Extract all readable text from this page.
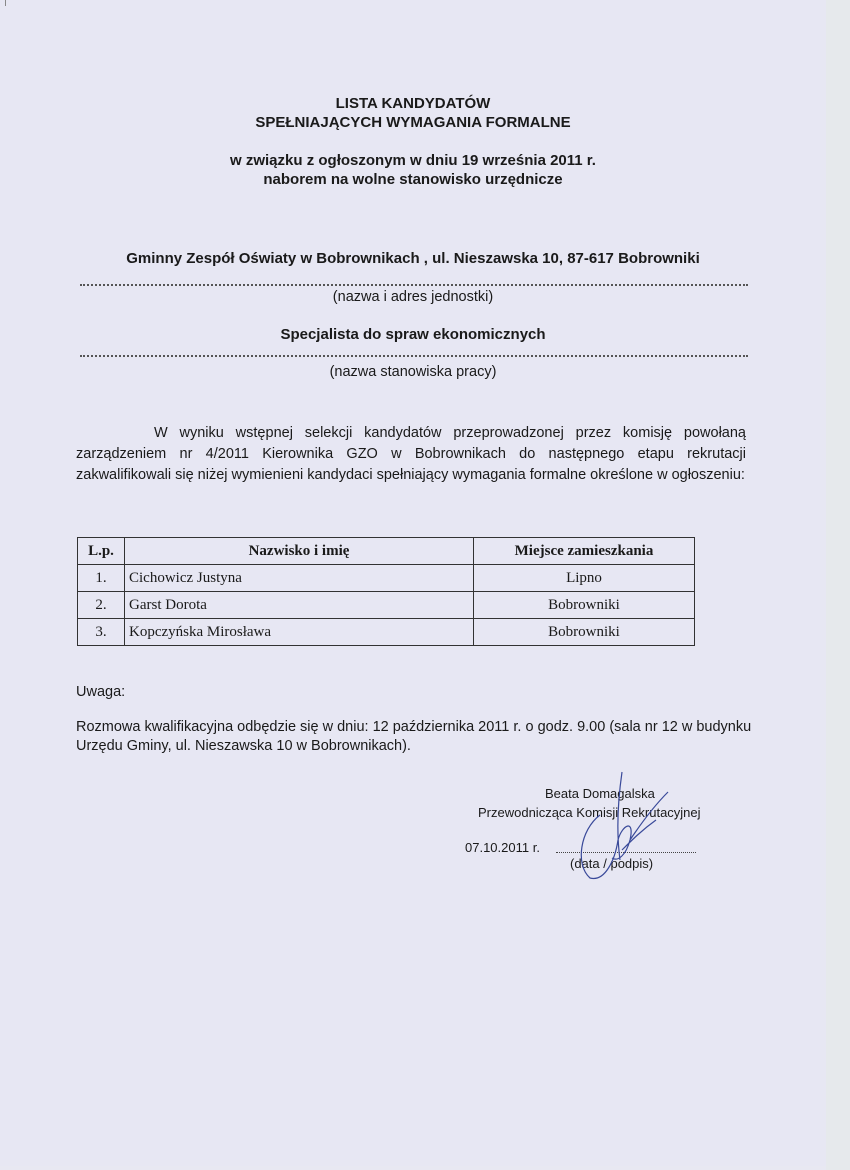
LISTA KANDYDATÓW
SPEŁNIAJĄCYCH WYMAGANIA FORMALNE
w związku z ogłoszonym w dniu 19 września 2011 r.
naborem na wolne stanowisko urzędnicze
Gminny Zespół Oświaty w Bobrownikach , ul. Nieszawska 10, 87-617 Bobrowniki
(nazwa i adres jednostki)
Specjalista do spraw ekonomicznych
(nazwa stanowiska pracy)
W wyniku wstępnej selekcji kandydatów przeprowadzonej przez komisję powołaną zarządzeniem nr 4/2011 Kierownika GZO w Bobrownikach do następnego etapu rekrutacji zakwalifikowali się niżej wymienieni kandydaci spełniający wymagania formalne określone w ogłoszeniu:
L.p.	Nazwisko i imię	Miejsce zamieszkania
1.	Cichowicz Justyna	Lipno
2.	Garst Dorota	Bobrowniki
3.	Kopczyńska Mirosława	Bobrowniki
Uwaga:
Rozmowa kwalifikacyjna odbędzie się w dniu: 12 października 2011 r. o godz. 9.00 (sala nr 12 w budynku Urzędu Gminy, ul. Nieszawska 10 w Bobrownikach).
Beata Domagalska
Przewodnicząca Komisji Rekrutacyjnej
07.10.2011 r.
(data / podpis)
